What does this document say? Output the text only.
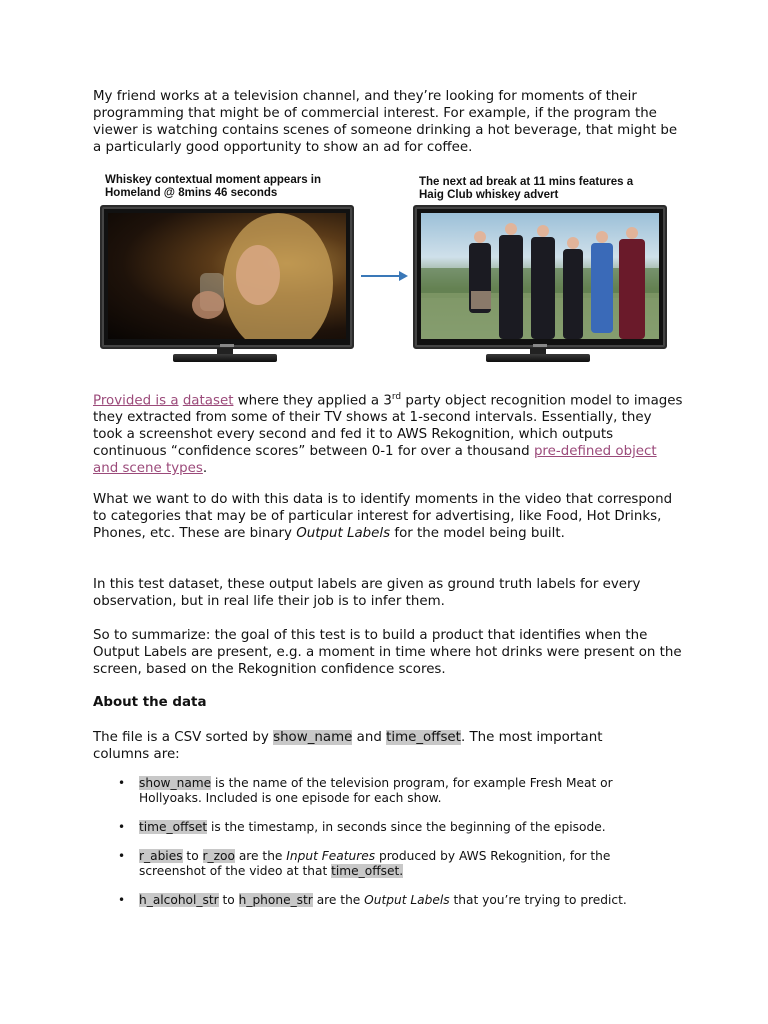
My friend works at a television channel, and they’re looking for moments of their programming that might be of commercial interest. For example, if the program the viewer is watching contains scenes of someone drinking a hot beverage, that might be a particularly good opportunity to show an ad for coffee.

Whiskey contextual moment appears in
Homeland @ 8mins 46 seconds
The next ad break at 11 mins features a
Haig Club whiskey advert

Provided is a dataset where they applied a 3rd party object recognition model to images they extracted from some of their TV shows at 1-second intervals. Essentially, they took a screenshot every second and fed it to AWS Rekognition, which outputs continuous “confidence scores” between 0-1 for over a thousand pre-defined object and scene types.

What we want to do with this data is to identify moments in the video that correspond to categories that may be of particular interest for advertising, like Food, Hot Drinks, Phones, etc. These are binary Output Labels for the model being built.

In this test dataset, these output labels are given as ground truth labels for every observation, but in real life their job is to infer them.

So to summarize: the goal of this test is to build a product that identifies when the Output Labels are present, e.g. a moment in time where hot drinks were present on the screen, based on the Rekognition confidence scores.

About the data

The file is a CSV sorted by show_name and time_offset. The most important columns are:

• show_name is the name of the television program, for example Fresh Meat or Hollyoaks. Included is one episode for each show.
• time_offset is the timestamp, in seconds since the beginning of the episode.
• r_abies to r_zoo are the Input Features produced by AWS Rekognition, for the screenshot of the video at that time_offset.
• h_alcohol_str to h_phone_str are the Output Labels that you’re trying to predict.
